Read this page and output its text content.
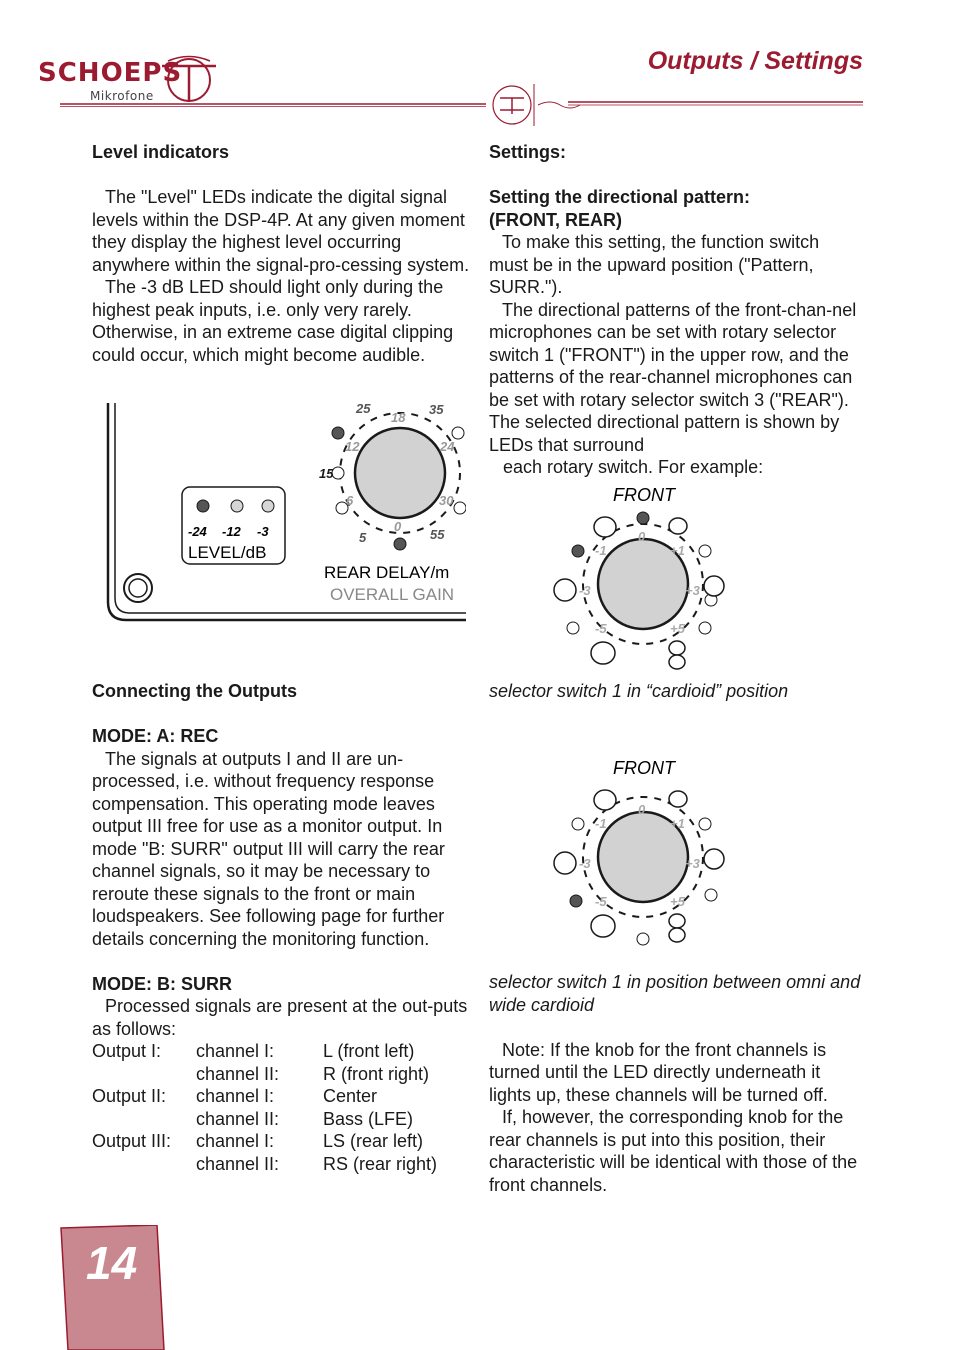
SCHOEPS
Mikrofone
Outputs / Settings

Level indicators

The "Level" LEDs indicate the digital signal levels within the DSP-4P. At any given moment they display the highest level occurring anywhere within the signal-pro-cessing system.

The -3 dB LED should light only during the highest peak inputs, i.e. only very rarely. Otherwise, in an extreme case digital clipping could occur, which might become audible.

-24 -12 -3
LEVEL/dB
25
18
35
12	24
15
6	30
0
5	55
REAR DELAY/m
OVERALL GAIN

Connecting the Outputs

MODE: A: REC

The signals at outputs I and II are un-processed, i.e. without frequency response compensation. This operating mode leaves output III free for use as a monitor output. In mode "B: SURR" output III will carry the rear channel signals, so it may be necessary to reroute these signals to the front or main loudspeakers. See following page for further details concerning the monitoring function.

MODE: B: SURR

Processed signals are present at the out-puts as follows:

Output I:	channel I:	L (front left)
	channel II:	R (front right)
Output II:	channel I:	Center
	channel II:	Bass (LFE)
Output III:	channel I:	LS (rear left)
	channel II:	RS (rear right)

Settings:

Setting the directional pattern:

(FRONT, REAR)

To make this setting, the function switch must be in the upward position ("Pattern, SURR.").

The directional patterns of the front-chan-nel microphones can be set with rotary selector switch 1 ("FRONT") in the upper row, and the patterns of the rear-channel microphones can be set with rotary selector switch 3 ("REAR"). The selected directional pattern is shown by LEDs that surround

each rotary switch. For example:

FRONT
0
-1	+1
-3	+3
-5	+5
selector switch 1 in “cardioid” position
FRONT
0
-1	+1
-3	+3
-5	+5

selector switch 1 in position between omni and wide cardioid

Note: If the knob for the front channels is turned until the LED directly underneath it lights up, these channels will be turned off.

If, however, the corresponding knob for the rear channels is put into this position, their characteristic will be identical with those of the front channels.

14
